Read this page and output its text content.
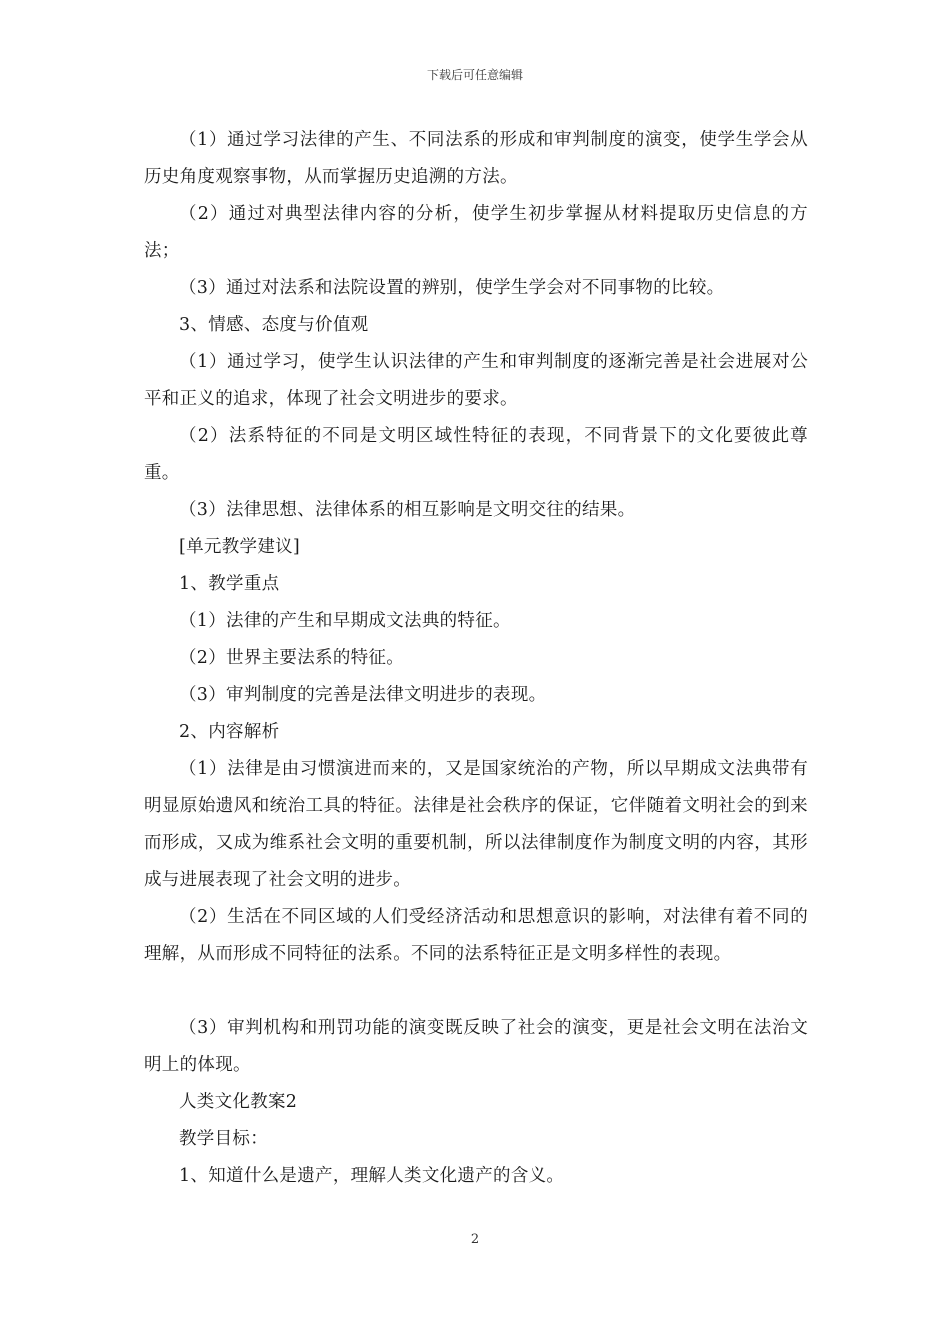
下载后可任意编辑

（1）通过学习法律的产生、不同法系的形成和审判制度的演变，使学生学会从历史角度观察事物，从而掌握历史追溯的方法。

（2）通过对典型法律内容的分析，使学生初步掌握从材料提取历史信息的方法；

（3）通过对法系和法院设置的辨别，使学生学会对不同事物的比较。

3、情感、态度与价值观

（1）通过学习，使学生认识法律的产生和审判制度的逐渐完善是社会进展对公平和正义的追求，体现了社会文明进步的要求。

（2）法系特征的不同是文明区域性特征的表现，不同背景下的文化要彼此尊重。

（3）法律思想、法律体系的相互影响是文明交往的结果。

[单元教学建议]

1、教学重点

（1）法律的产生和早期成文法典的特征。

（2）世界主要法系的特征。

（3）审判制度的完善是法律文明进步的表现。

2、内容解析

（1）法律是由习惯演进而来的，又是国家统治的产物，所以早期成文法典带有明显原始遗风和统治工具的特征。法律是社会秩序的保证，它伴随着文明社会的到来而形成，又成为维系社会文明的重要机制，所以法律制度作为制度文明的内容，其形成与进展表现了社会文明的进步。

（2）生活在不同区域的人们受经济活动和思想意识的影响，对法律有着不同的理解，从而形成不同特征的法系。不同的法系特征正是文明多样性的表现。

（3）审判机构和刑罚功能的演变既反映了社会的演变，更是社会文明在法治文明上的体现。

人类文化教案2

教学目标：

1、知道什么是遗产，理解人类文化遗产的含义。

2
